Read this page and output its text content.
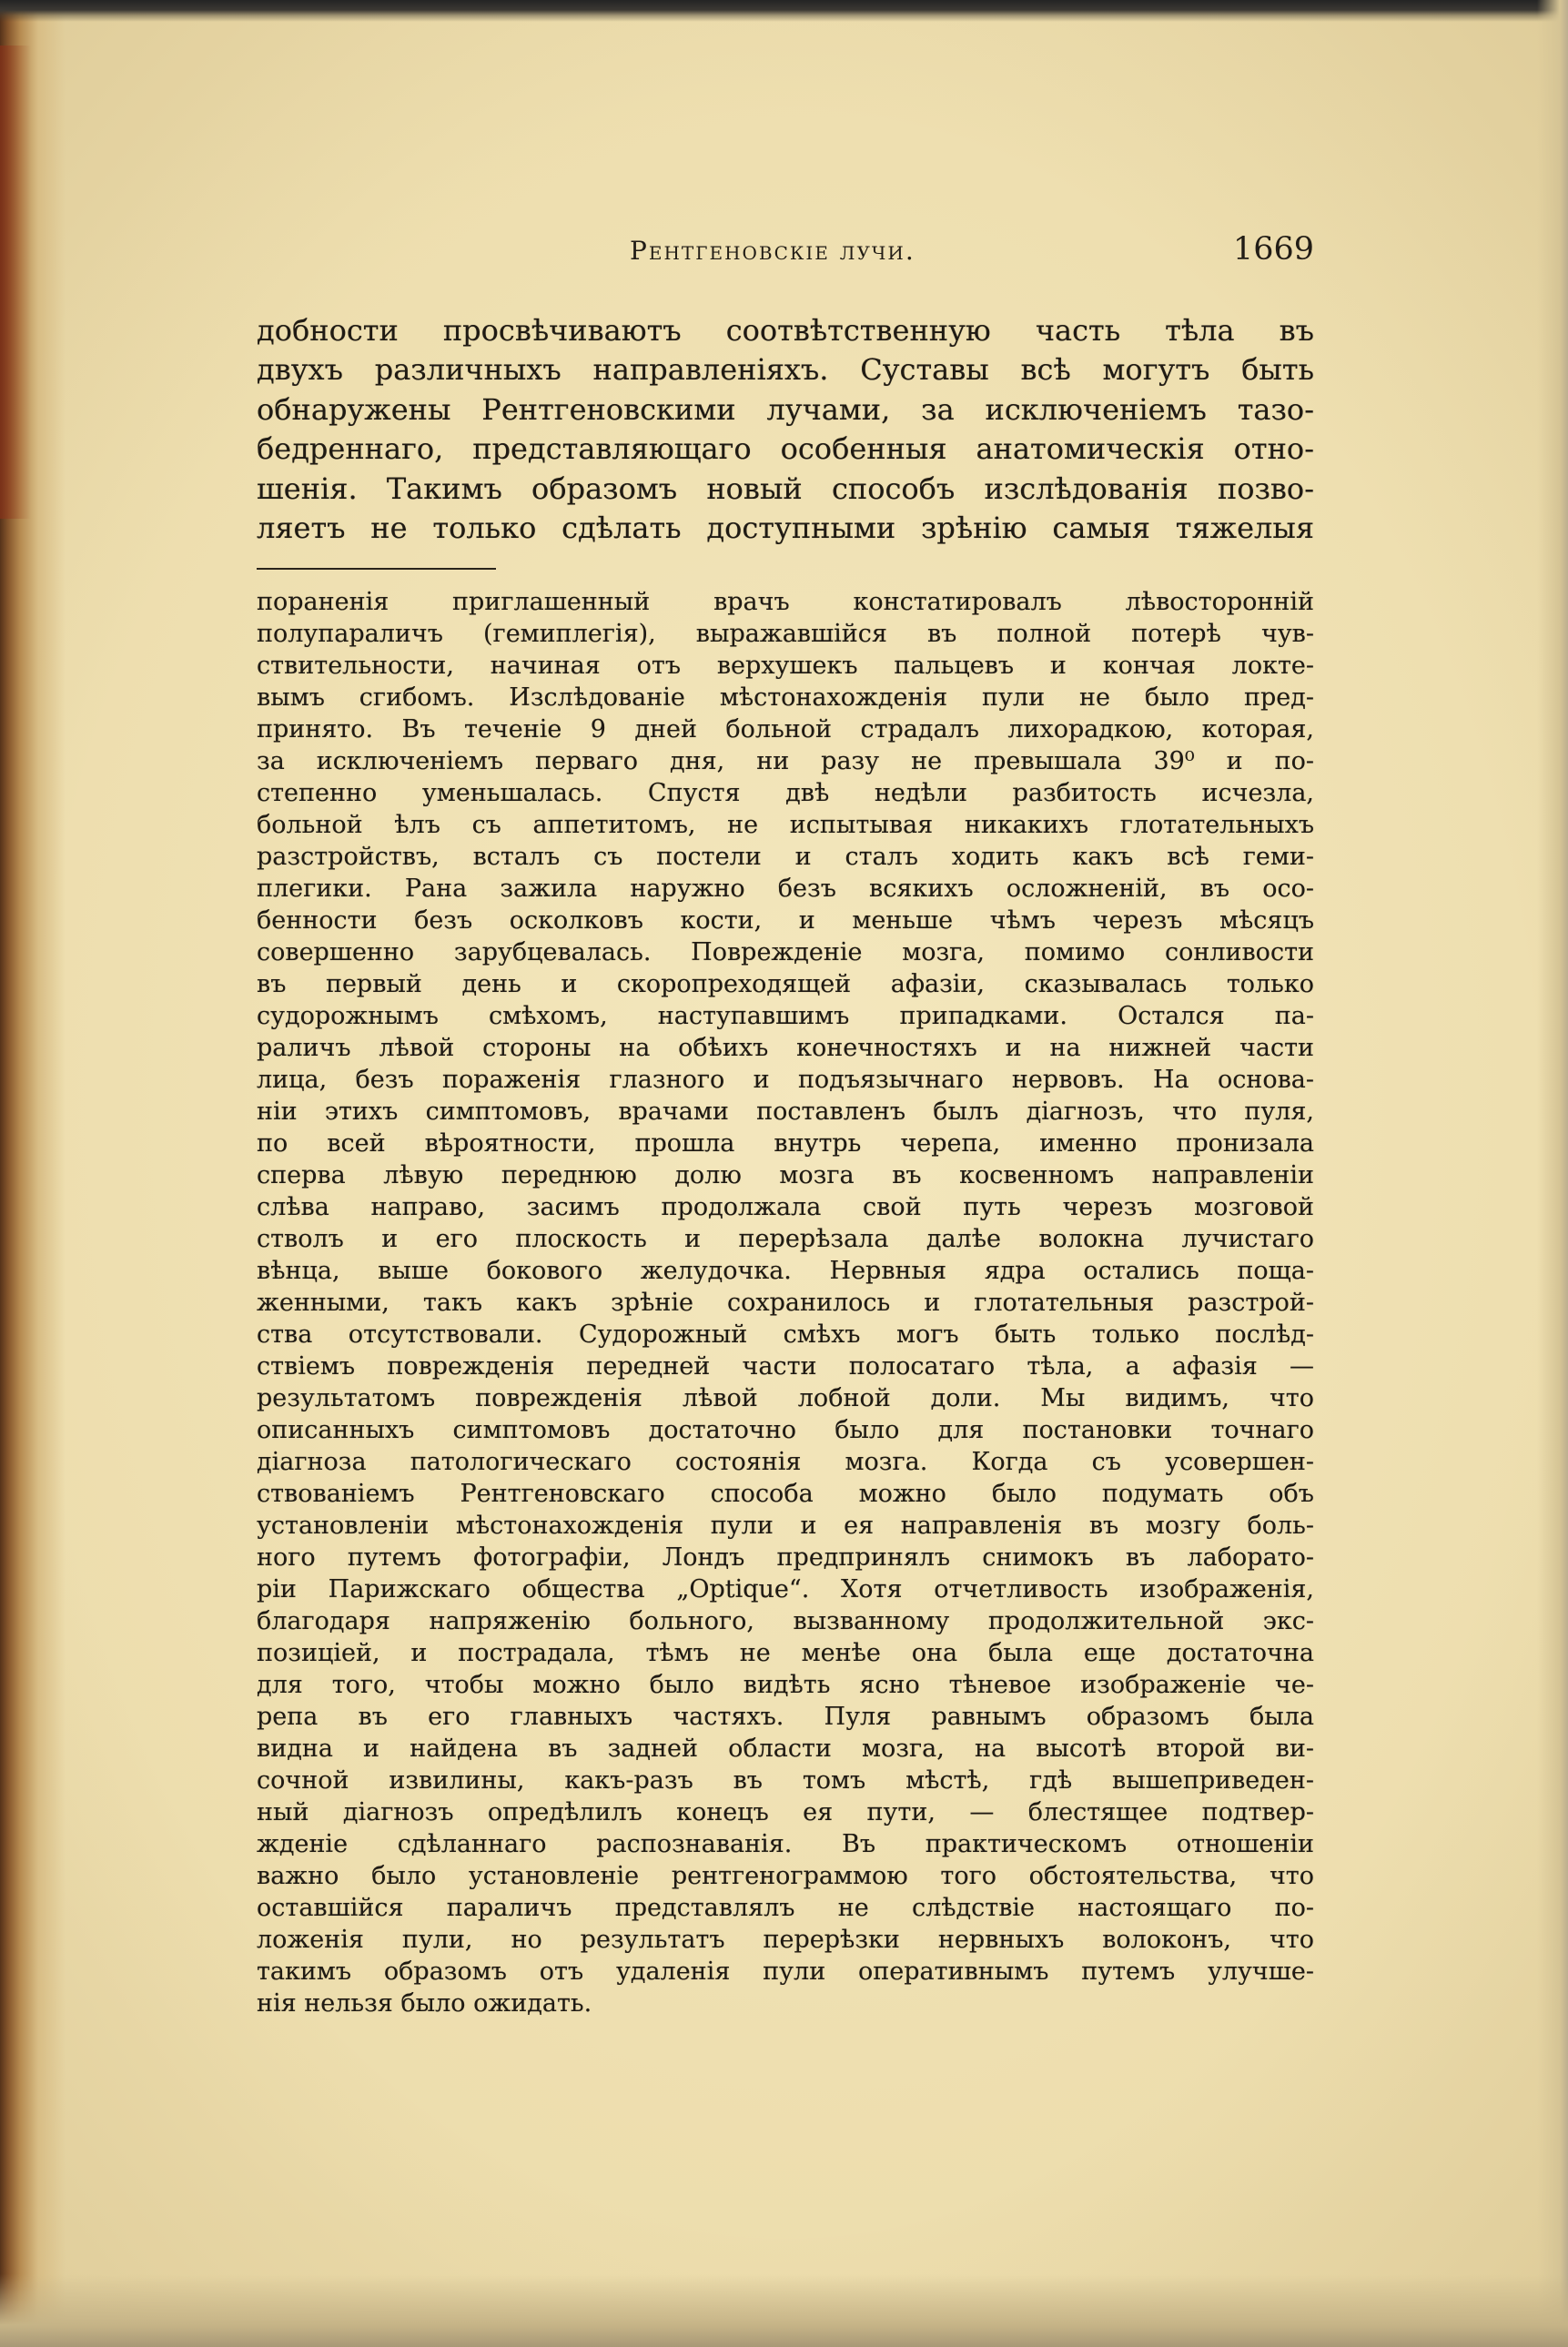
Рентгеновскіе лучи.	1669
добности просвѣчиваютъ соотвѣтственную часть тѣла въ
двухъ различныхъ направленіяхъ. Суставы всѣ могутъ быть
обнаружены Рентгеновскими лучами, за исключеніемъ тазо-
бедреннаго, представляющаго особенныя анатомическія отно-
шенія. Такимъ образомъ новый способъ изслѣдованія позво-
ляетъ не только сдѣлать доступными зрѣнію самыя тяжелыя
пораненія приглашенный врачъ констатировалъ лѣвосторонній
полупараличъ (гемиплегія), выражавшійся въ полной потерѣ чув-
ствительности, начиная отъ верхушекъ пальцевъ и кончая локте-
вымъ сгибомъ. Изслѣдованіе мѣстонахожденія пули не было пред-
принято. Въ теченіе 9 дней больной страдалъ лихорадкою, которая,
за исключеніемъ перваго дня, ни разу не превышала 39⁰ и по-
степенно уменьшалась. Спустя двѣ недѣли разбитость исчезла,
больной ѣлъ съ аппетитомъ, не испытывая никакихъ глотательныхъ
разстройствъ, всталъ съ постели и сталъ ходить какъ всѣ геми-
плегики. Рана зажила наружно безъ всякихъ осложненій, въ осо-
бенности безъ осколковъ кости, и меньше чѣмъ черезъ мѣсяцъ
совершенно зарубцевалась. Поврежденіе мозга, помимо сонливости
въ первый день и скоропреходящей афазіи, сказывалась только
судорожнымъ смѣхомъ, наступавшимъ припадками. Остался па-
раличъ лѣвой стороны на обѣихъ конечностяхъ и на нижней части
лица, безъ пораженія глазного и подъязычнаго нервовъ. На основа-
ніи этихъ симптомовъ, врачами поставленъ былъ діагнозъ, что пуля,
по всей вѣроятности, прошла внутрь черепа, именно пронизала
сперва лѣвую переднюю долю мозга въ косвенномъ направленіи
слѣва направо, засимъ продолжала свой путь черезъ мозговой
стволъ и его плоскость и перерѣзала далѣе волокна лучистаго
вѣнца, выше бокового желудочка. Нервныя ядра остались поща-
женными, такъ какъ зрѣніе сохранилось и глотательныя разстрой-
ства отсутствовали. Судорожный смѣхъ могъ быть только послѣд-
ствіемъ поврежденія передней части полосатаго тѣла, а афазія —
результатомъ поврежденія лѣвой лобной доли. Мы видимъ, что
описанныхъ симптомовъ достаточно было для постановки точнаго
діагноза патологическаго состоянія мозга. Когда съ усовершен-
ствованіемъ Рентгеновскаго способа можно было подумать объ
установленіи мѣстонахожденія пули и ея направленія въ мозгу боль-
ного путемъ фотографіи, Лондъ предпринялъ снимокъ въ лаборато-
ріи Парижскаго общества „Optique“. Хотя отчетливость изображенія,
благодаря напряженію больного, вызванному продолжительной экс-
позиціей, и пострадала, тѣмъ не менѣе она была еще достаточна
для того, чтобы можно было видѣть ясно тѣневое изображеніе че-
репа въ его главныхъ частяхъ. Пуля равнымъ образомъ была
видна и найдена въ задней области мозга, на высотѣ второй ви-
сочной извилины, какъ-разъ въ томъ мѣстѣ, гдѣ вышеприведен-
ный діагнозъ опредѣлилъ конецъ ея пути, — блестящее подтвер-
жденіе сдѣланнаго распознаванія. Въ практическомъ отношеніи
важно было установленіе рентгенограммою того обстоятельства, что
оставшійся параличъ представлялъ не слѣдствіе настоящаго по-
ложенія пули, но результатъ перерѣзки нервныхъ волоконъ, что
такимъ образомъ отъ удаленія пули оперативнымъ путемъ улучше-
нія нельзя было ожидать.
